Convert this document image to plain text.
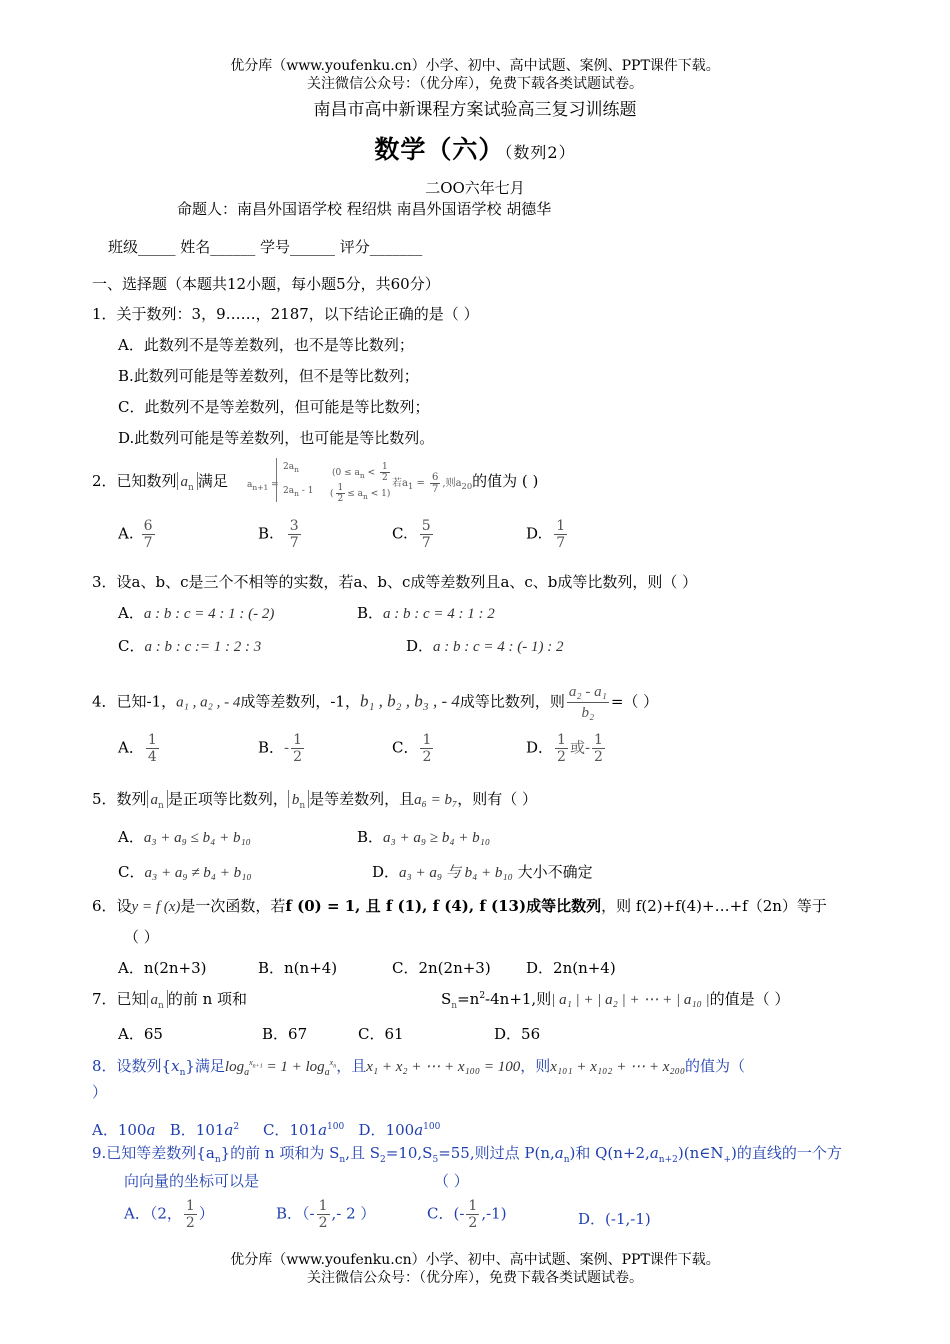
优分库（www.youfenku.cn）小学、初中、高中试题、案例、PPT课件下载。
关注微信公众号：（优分库），免费下载各类试题试卷。
南昌市高中新课程方案试验高三复习训练题
数学（六）（数列2）
二OO六年七月
命题人：南昌外国语学校 程绍烘 南昌外国语学校 胡德华
班级_____ 姓名______ 学号______ 评分_______
一、选择题（本题共12小题，每小题5分，共60分）
1．关于数列：3，9……，2187，以下结论正确的是（ ）
A．此数列不是等差数列，也不是等比数列；
B.此数列可能是等差数列，但不是等比数列；
C．此数列不是等差数列，但可能是等比数列；
D.此数列可能是等差数列，也可能是等比数列。
2．已知数列 $a_n$ 满足 $a_{n+1}$ =
$2a_n$	($0 \le a_n < \frac{1}{2}$
$2a_n - 1$ ( $\frac{1}{2} \le a_n < 1$)
若$a_1 = \frac{6}{7}$ ,则$a_{20}$的值为 ( )
A. $\frac{6}{7}$	B. $\frac{3}{7}$	C. $\frac{5}{7}$	D. $\frac{1}{7}$
3．设a、b、c是三个不相等的实数，若a、b、c成等差数列且a、c、b成等比数列，则（ ）
A．a : b : c = 4 : 1 : (- 2)	B．a : b : c = 4 : 1 : 2
C．a : b : c := 1 : 2 : 3	D．a : b : c = 4 : (- 1) : 2
4．已知-1，a₁ , a₂ , - 4成等差数列，-1，b₁ , b₂ , b₃ , - 4成等比数列，则 $\frac{\text{a₂ - a₁}}{\text{b₂}}$ =（ ）
A． $\frac{1}{4}$	B．- $\frac{1}{2}$	C． $\frac{1}{2}$	D． $\frac{1}{2}$ 或- $\frac{1}{2}$
5．数列 $a_n$ 是正项等比数列， $b_n$ 是等差数列，且a₆ = b₇，则有（ ）
A．a₃ + a₉ ≤ b₄ + b₁₀	B．a₃ + a₉ ≥ b₄ + b₁₀
C．a₃ + a₉ ≠ b₄ + b₁₀	D．a₃ + a₉ 与 b₄ + b₁₀ 大小不确定
6．设y = f (x)是一次函数，若f (0) = 1, 且 f (1), f (4), f (13)成等比数列，则 f(2)+f(4)+…+f（2n）等于
（ ）
A．n(2n+3)	B．n(n+4)	C．2n(2n+3) D．2n(n+4)
7．已知 $a_n$ 的前 n 项和	$S_n=n^2-4n+1$,则| a₁ | + | a₂ | + ⋯ + | a₁₀ |的值是（ ）
A．65	B．67	C．61	D．56
8．设数列$\{x_n\}$满足$\log_a^{x_{n+1}} = 1 + \log_a^{x_n}$，且x₁ + x₂ + ⋯ + x₁₀₀ = 100，则x₁₀₁ + x₁₀₂ + ⋯ + x₂₀₀的值为（
）
A．100a B．$101a^2$ C．$101a^{100}$ D．$100a^{100}$
9.已知等差数列$\{a_n\}$的前 n 项和为 $S_n$,且 $S_2=10,S_5=55$,则过点 $P(n,a_n)$和 $Q(n+2,a_{n+2})(n\in N_+)$的直线的一个方
向向量的坐标可以是	（ ）
A．（2， $\frac{1}{2}$ ）	B．（- $\frac{1}{2}$ ,- 2 ）	C．(- $\frac{1}{2} ,-1$)	D．(-1,-1)
优分库（www.youfenku.cn）小学、初中、高中试题、案例、PPT课件下载。
关注微信公众号：（优分库），免费下载各类试题试卷。
